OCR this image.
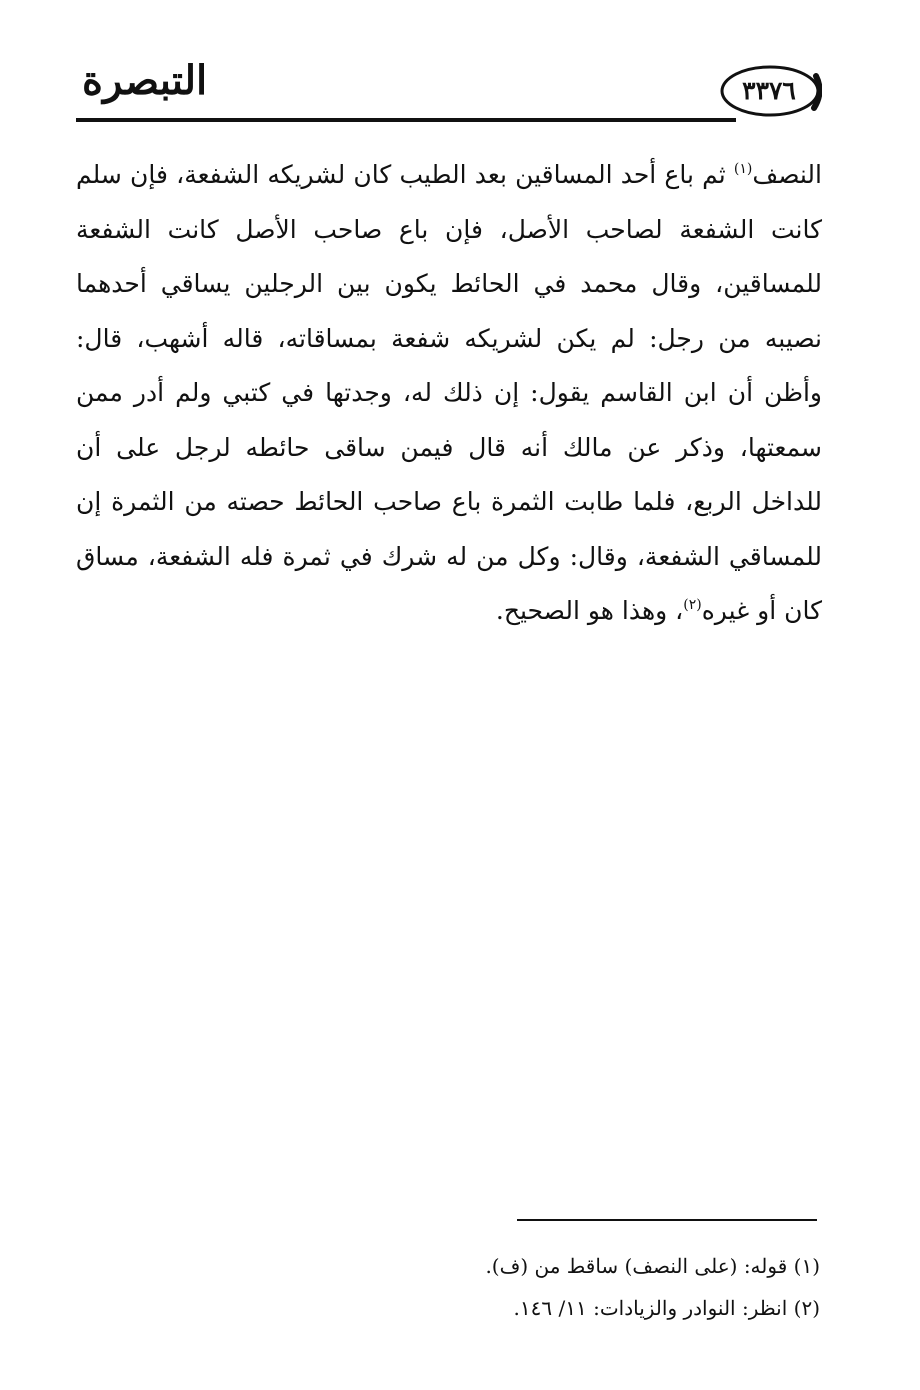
التبصرة	٣٣٧٦

النصف$^{(١)}$ ثم باع أحد المساقين بعد الطيب كان لشريكه الشفعة، فإن سلم كانت الشفعة لصاحب الأصل، فإن باع صاحب الأصل كانت الشفعة للمساقين، وقال محمد في الحائط يكون بين الرجلين يساقي أحدهما نصيبه من رجل: لم يكن لشريكه شفعة بمساقاته، قاله أشهب، قال: وأظن أن ابن القاسم يقول: إن ذلك له، وجدتها في كتبي ولم أدر ممن سمعتها، وذكر عن مالك أنه قال فيمن ساقى حائطه لرجل على أن للداخل الربع، فلما طابت الثمرة باع صاحب الحائط حصته من الثمرة إن للمساقي الشفعة، وقال: وكل من له شرك في ثمرة فله الشفعة، مساق كان أو غيره$^{(٢)}$، وهذا هو الصحيح.

(١) قوله: (على النصف) ساقط من (ف).

(٢) انظر: النوادر والزيادات: ١١/ ١٤٦.
